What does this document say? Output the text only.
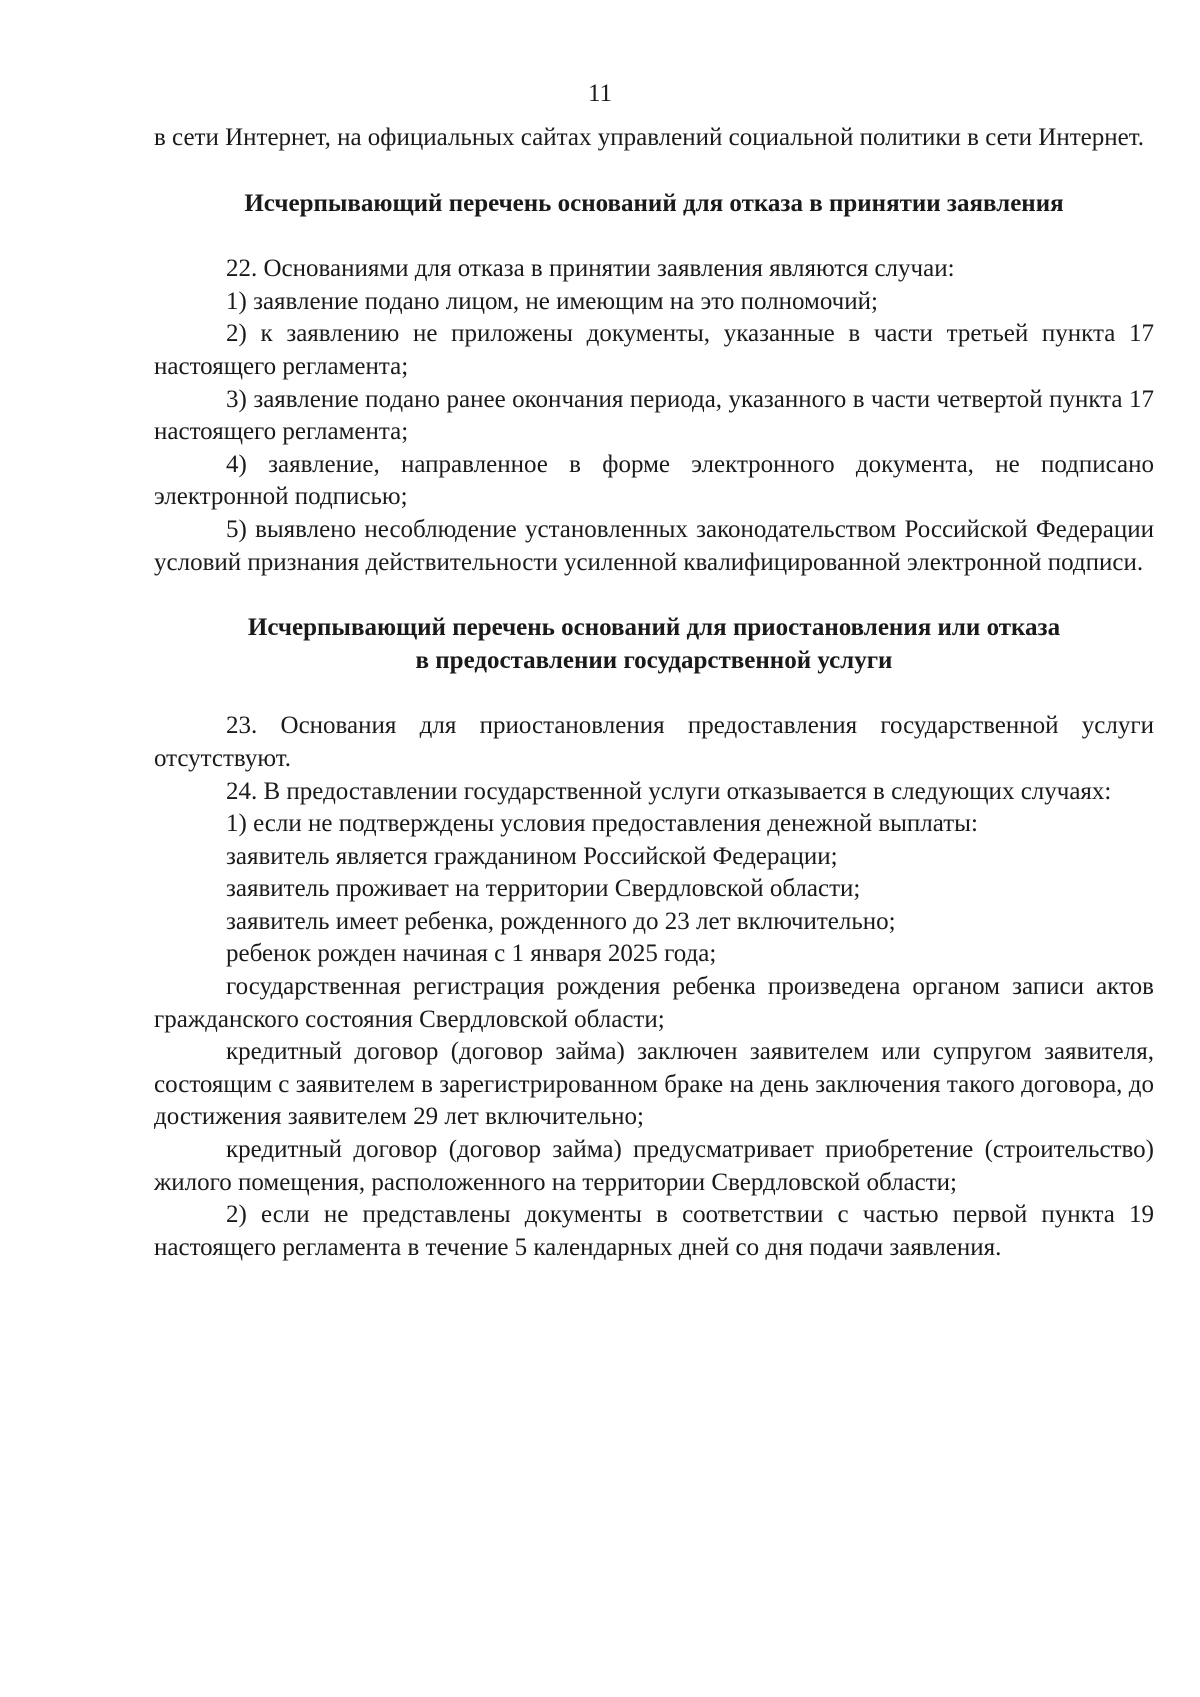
11

в сети Интернет, на официальных сайтах управлений социальной политики в сети Интернет.

Исчерпывающий перечень оснований для отказа в принятии заявления

22. Основаниями для отказа в принятии заявления являются случаи:

1) заявление подано лицом, не имеющим на это полномочий;

2) к заявлению не приложены документы, указанные в части третьей пункта 17 настоящего регламента;

3) заявление подано ранее окончания периода, указанного в части четвертой пункта 17 настоящего регламента;

4) заявление, направленное в форме электронного документа, не подписано электронной подписью;

5) выявлено несоблюдение установленных законодательством Российской Федерации условий признания действительности усиленной квалифицированной электронной подписи.

Исчерпывающий перечень оснований для приостановления или отказа
в предоставлении государственной услуги

23. Основания для приостановления предоставления государственной услуги отсутствуют.

24. В предоставлении государственной услуги отказывается в следующих случаях:

1) если не подтверждены условия предоставления денежной выплаты:

заявитель является гражданином Российской Федерации;

заявитель проживает на территории Свердловской области;

заявитель имеет ребенка, рожденного до 23 лет включительно;

ребенок рожден начиная с 1 января 2025 года;

государственная регистрация рождения ребенка произведена органом записи актов гражданского состояния Свердловской области;

кредитный договор (договор займа) заключен заявителем или супругом заявителя, состоящим с заявителем в зарегистрированном браке на день заключения такого договора, до достижения заявителем 29 лет включительно;

кредитный договор (договор займа) предусматривает приобретение (строительство) жилого помещения, расположенного на территории Свердловской области;

2) если не представлены документы в соответствии с частью первой пункта 19 настоящего регламента в течение 5 календарных дней со дня подачи заявления.
